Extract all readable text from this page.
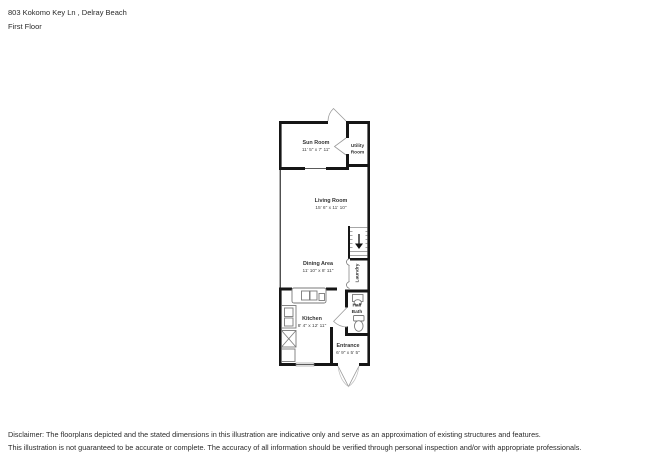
803 Kokomo Key Ln , Delray Beach
First Floor
Sun Room
11' 5" x 7' 11"
Utility
Room
Living Room
15' 6" x 11' 10"
Dining Area
11' 10" x 8' 11"	Laundry
Kitchen
8' 4" x 12' 11"
Half
Bath
Entrance
6' 9" x 5' 5"
Disclaimer: The floorplans depicted and the stated dimensions in this illustration are indicative only and serve as an approximation of existing structures and features.
This illustration is not guaranteed to be accurate or complete. The accuracy of all information should be verified through personal inspection and/or with appropriate professionals.
